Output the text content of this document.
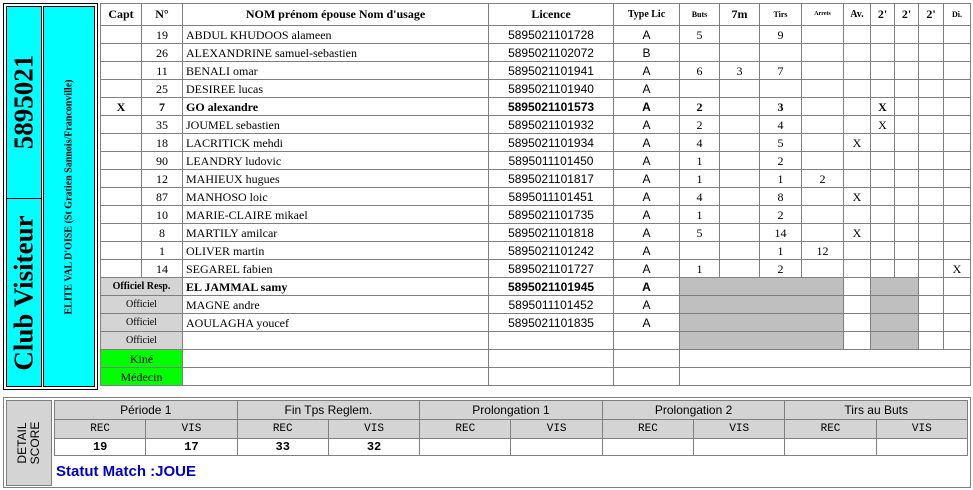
5895021
Club Visiteur	ELITE VAL D'OISE (St Gratien Sannois/Franconville)
Capt	N°	NOM prénom épouse Nom d'usage	Licence	Type Lic	Buts	7m	Tirs	Arrets	Av.	2'	2'	2'	Di.
	19	ABDUL KHUDOOS alameen	5895021101728	A	5		9						
	26	ALEXANDRINE samuel-sebastien	5895021102072	B									
	11	BENALI omar	5895021101941	A	6	3	7						
	25	DESIREE lucas	5895021101940	A									
X	7	GO alexandre	5895021101573	A	2		3			X			
	35	JOUMEL sebastien	5895021101932	A	2		4			X			
	18	LACRITICK mehdi	5895021101934	A	4		5		X				
	90	LEANDRY ludovic	5895011101450	A	1		2						
	12	MAHIEUX hugues	5895021101817	A	1		1	2					
	87	MANHOSO loic	5895011101451	A	4		8		X				
	10	MARIE-CLAIRE mikael	5895021101735	A	1		2						
	8	MARTILY amilcar	5895021101818	A	5		14		X				
	1	OLIVER martin	5895021101242	A			1	12					
	14	SEGAREL fabien	5895021101727	A	1		2						X
Officiel Resp.		EL JAMMAL samy	5895021101945	A									
Officiel		MAGNE andre	5895011101452	A									
Officiel		AOULAGHA youcef	5895021101835	A									
Officiel													
Kiné													
Médecin													
DETAIL
SCORE
Période 1		Fin Tps Reglem.		Prolongation 1		Prolongation 2		Tirs au Buts	
REC	VIS	REC	VIS	REC	VIS	REC	VIS	REC	VIS
19	17	33	32						
Statut Match :JOUE
